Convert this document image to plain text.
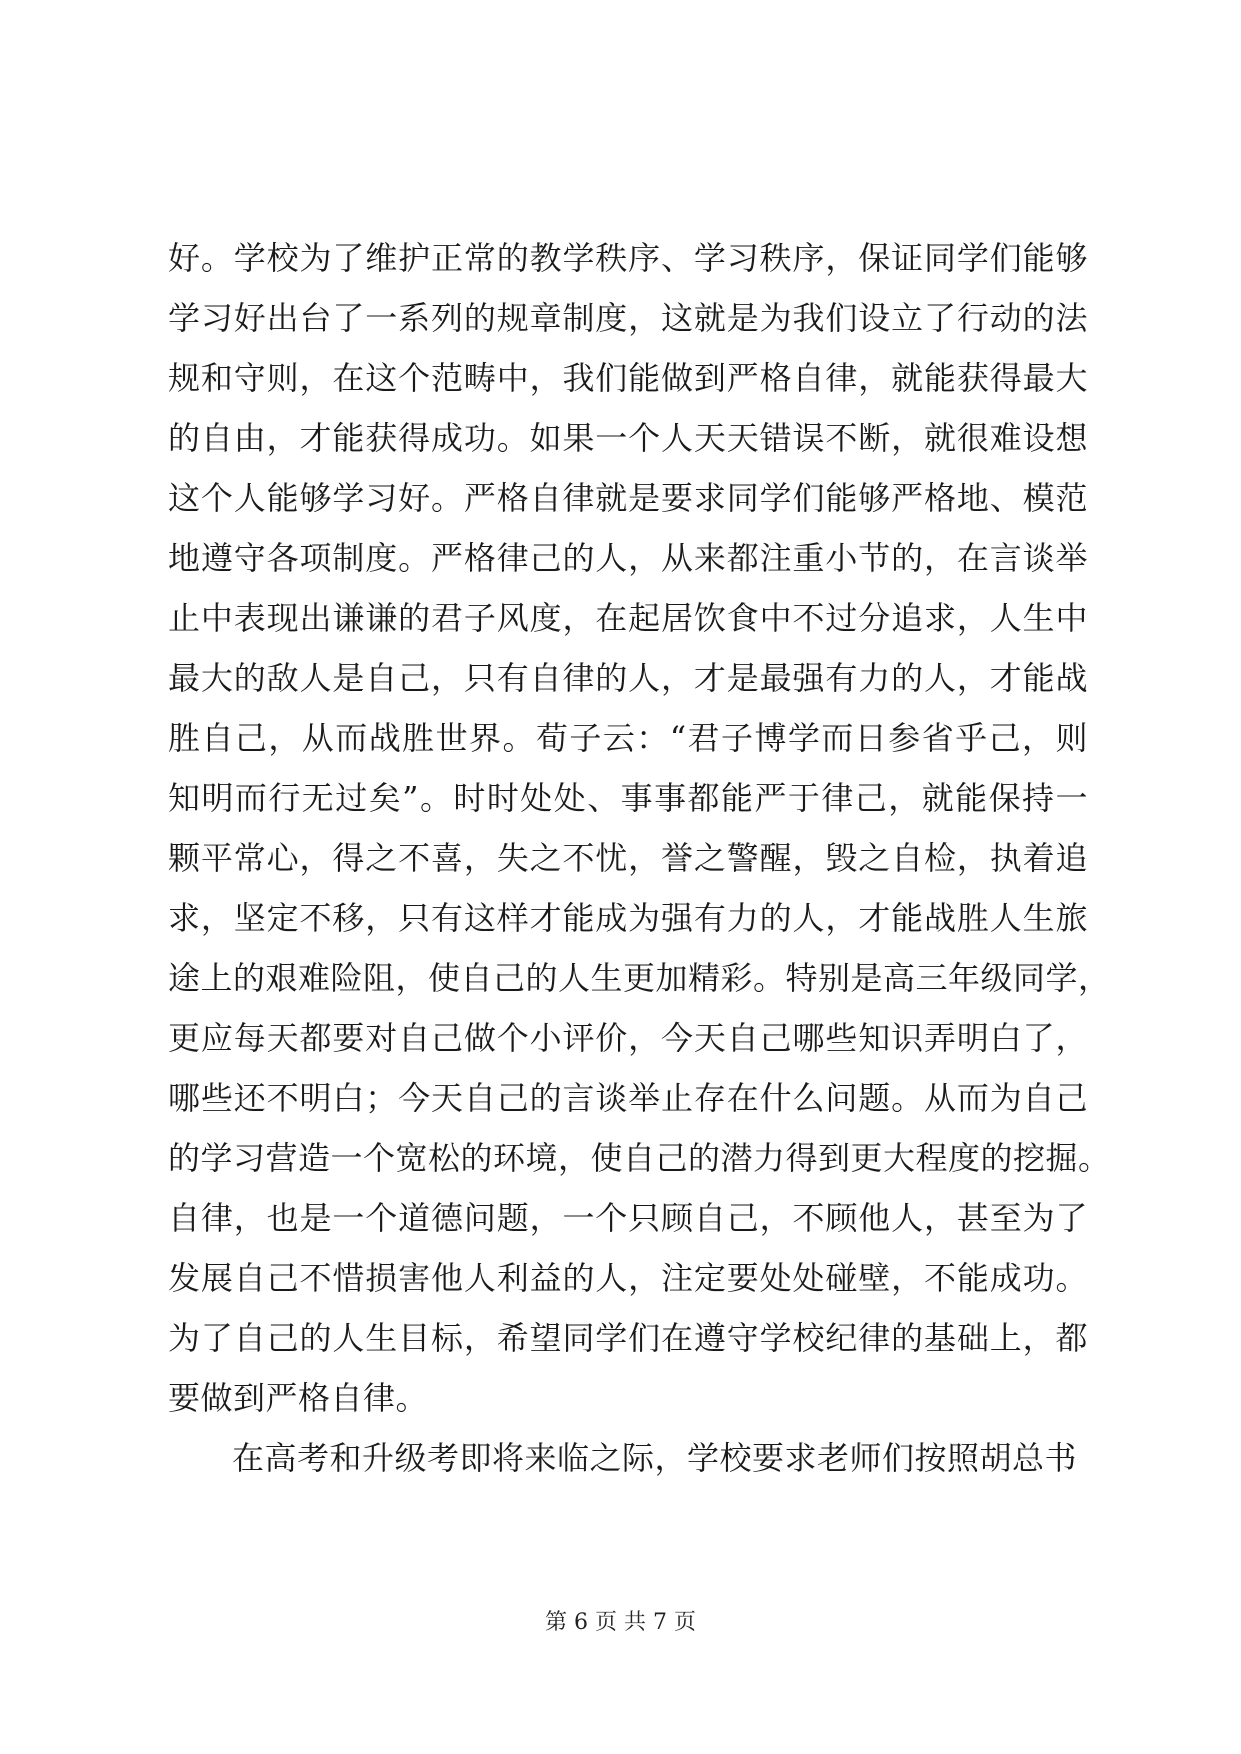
好。学校为了维护正常的教学秩序、学习秩序，保证同学们能够
学习好出台了一系列的规章制度，这就是为我们设立了行动的法
规和守则，在这个范畴中，我们能做到严格自律，就能获得最大
的自由，才能获得成功。如果一个人天天错误不断，就很难设想
这个人能够学习好。严格自律就是要求同学们能够严格地、模范
地遵守各项制度。严格律己的人，从来都注重小节的，在言谈举
止中表现出谦谦的君子风度，在起居饮食中不过分追求，人生中
最大的敌人是自己，只有自律的人，才是最强有力的人，才能战
胜自己，从而战胜世界。荀子云：“君子博学而日参省乎己，则
知明而行无过矣”。时时处处、事事都能严于律己，就能保持一
颗平常心，得之不喜，失之不忧，誉之警醒，毁之自检，执着追
求，坚定不移，只有这样才能成为强有力的人，才能战胜人生旅
途上的艰难险阻，使自己的人生更加精彩。特别是高三年级同学，
更应每天都要对自己做个小评价，今天自己哪些知识弄明白了，
哪些还不明白；今天自己的言谈举止存在什么问题。从而为自己
的学习营造一个宽松的环境，使自己的潜力得到更大程度的挖掘。
自律，也是一个道德问题，一个只顾自己，不顾他人，甚至为了
发展自己不惜损害他人利益的人，注定要处处碰壁，不能成功。
为了自己的人生目标，希望同学们在遵守学校纪律的基础上，都
要做到严格自律。
在高考和升级考即将来临之际，学校要求老师们按照胡总书
第 6 页 共 7 页
